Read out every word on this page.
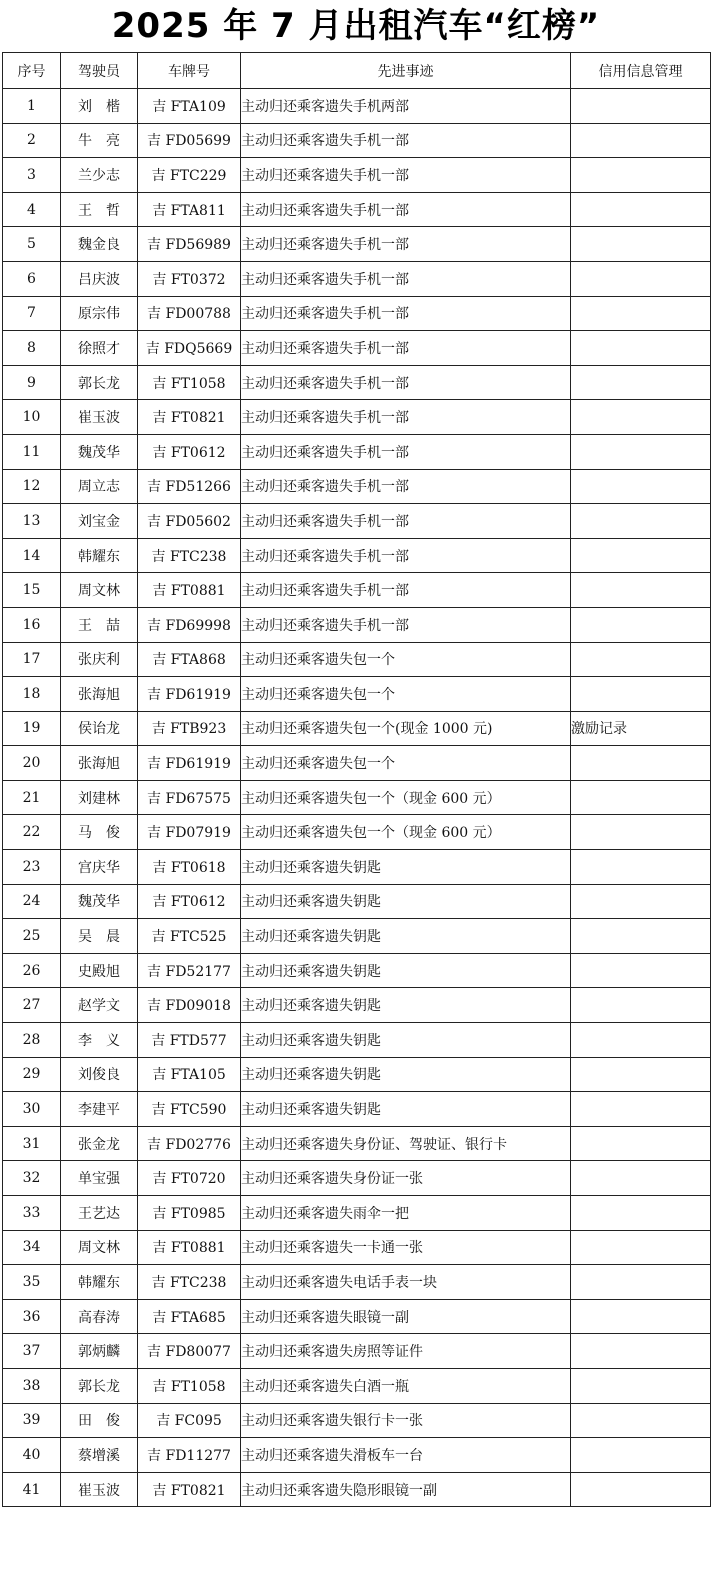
2025 年 7 月出租汽车“红榜”
序号	驾驶员	车牌号	先进事迹	信用信息管理
1	刘　楷	吉 FTA109	主动归还乘客遗失手机两部	
2	牛　亮	吉 FD05699	主动归还乘客遗失手机一部	
3	兰少志	吉 FTC229	主动归还乘客遗失手机一部	
4	王　哲	吉 FTA811	主动归还乘客遗失手机一部	
5	魏金良	吉 FD56989	主动归还乘客遗失手机一部	
6	吕庆波	吉 FT0372	主动归还乘客遗失手机一部	
7	原宗伟	吉 FD00788	主动归还乘客遗失手机一部	
8	徐照才	吉 FDQ5669	主动归还乘客遗失手机一部	
9	郭长龙	吉 FT1058	主动归还乘客遗失手机一部	
10	崔玉波	吉 FT0821	主动归还乘客遗失手机一部	
11	魏茂华	吉 FT0612	主动归还乘客遗失手机一部	
12	周立志	吉 FD51266	主动归还乘客遗失手机一部	
13	刘宝金	吉 FD05602	主动归还乘客遗失手机一部	
14	韩耀东	吉 FTC238	主动归还乘客遗失手机一部	
15	周文林	吉 FT0881	主动归还乘客遗失手机一部	
16	王　喆	吉 FD69998	主动归还乘客遗失手机一部	
17	张庆利	吉 FTA868	主动归还乘客遗失包一个	
18	张海旭	吉 FD61919	主动归还乘客遗失包一个	
19	侯诒龙	吉 FTB923	主动归还乘客遗失包一个(现金 1000 元)	激励记录
20	张海旭	吉 FD61919	主动归还乘客遗失包一个	
21	刘建林	吉 FD67575	主动归还乘客遗失包一个（现金 600 元）	
22	马　俊	吉 FD07919	主动归还乘客遗失包一个（现金 600 元）	
23	宫庆华	吉 FT0618	主动归还乘客遗失钥匙	
24	魏茂华	吉 FT0612	主动归还乘客遗失钥匙	
25	吴　晨	吉 FTC525	主动归还乘客遗失钥匙	
26	史殿旭	吉 FD52177	主动归还乘客遗失钥匙	
27	赵学文	吉 FD09018	主动归还乘客遗失钥匙	
28	李　义	吉 FTD577	主动归还乘客遗失钥匙	
29	刘俊良	吉 FTA105	主动归还乘客遗失钥匙	
30	李建平	吉 FTC590	主动归还乘客遗失钥匙	
31	张金龙	吉 FD02776	主动归还乘客遗失身份证、驾驶证、银行卡	
32	单宝强	吉 FT0720	主动归还乘客遗失身份证一张	
33	王艺达	吉 FT0985	主动归还乘客遗失雨伞一把	
34	周文林	吉 FT0881	主动归还乘客遗失一卡通一张	
35	韩耀东	吉 FTC238	主动归还乘客遗失电话手表一块	
36	高春涛	吉 FTA685	主动归还乘客遗失眼镜一副	
37	郭炳麟	吉 FD80077	主动归还乘客遗失房照等证件	
38	郭长龙	吉 FT1058	主动归还乘客遗失白酒一瓶	
39	田　俊	吉 FC095	主动归还乘客遗失银行卡一张	
40	蔡增溪	吉 FD11277	主动归还乘客遗失滑板车一台	
41	崔玉波	吉 FT0821	主动归还乘客遗失隐形眼镜一副	
